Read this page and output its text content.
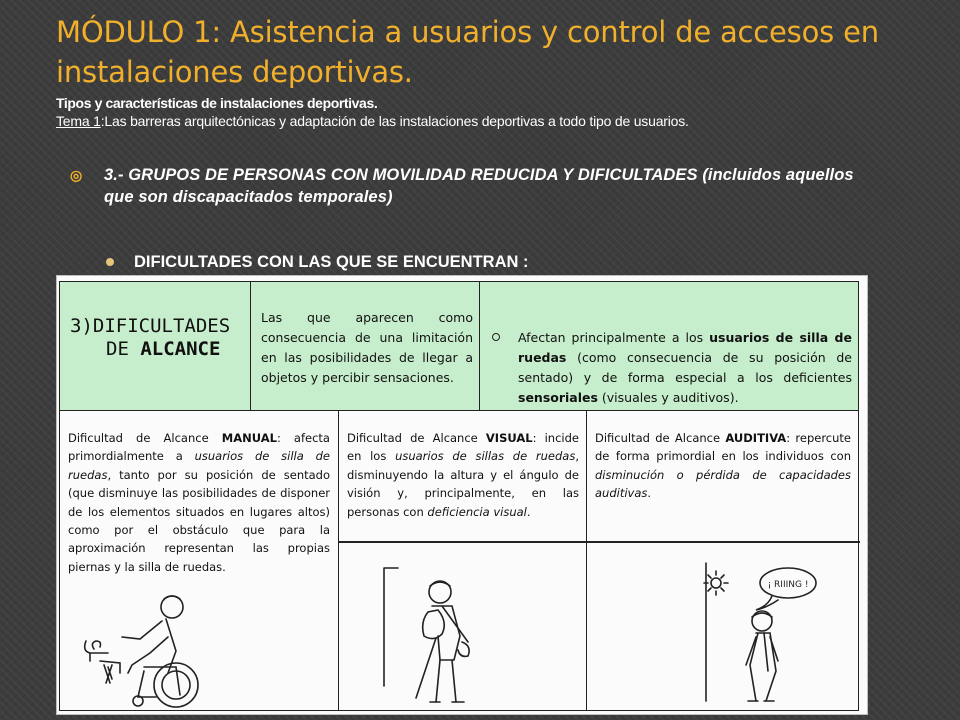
MÓDULO 1: Asistencia a usuarios y control de accesos en instalaciones deportivas.
Tipos y características de instalaciones deportivas.
Tema 1:Las barreras arquitectónicas y adaptación de las instalaciones deportivas a todo tipo de usuarios.
◎	3.- GRUPOS DE PERSONAS CON MOVILIDAD REDUCIDA Y DIFICULTADES (incluidos aquellos que son discapacitados temporales)
DIFICULTADES CON LAS QUE SE ENCUENTRAN :
3)DIFICULTADES
DE ALCANCE
Las que aparecen como consecuencia de una limitación en las posibilidades de llegar a objetos y percibir sensaciones.
Afectan principalmente a los usuarios de silla de ruedas (como consecuencia de su posición de sentado) y de forma especial a los deficientes sensoriales (visuales y auditivos).
Dificultad de Alcance MANUAL: afecta primordialmente a usuarios de silla de ruedas, tanto por su posición de sentado (que disminuye las posibilidades de disponer de los elementos situados en lugares altos) como por el obstáculo que para la aproximación representan las propias piernas y la silla de ruedas.
Dificultad de Alcance VISUAL: incide en los usuarios de sillas de ruedas, disminuyendo la altura y el ángulo de visión y, principalmente, en las personas con deficiencia visual.
Dificultad de Alcance AUDITIVA: repercute de forma primordial en los individuos con disminución o pérdida de capacidades auditivas.
¡ RIIING !
